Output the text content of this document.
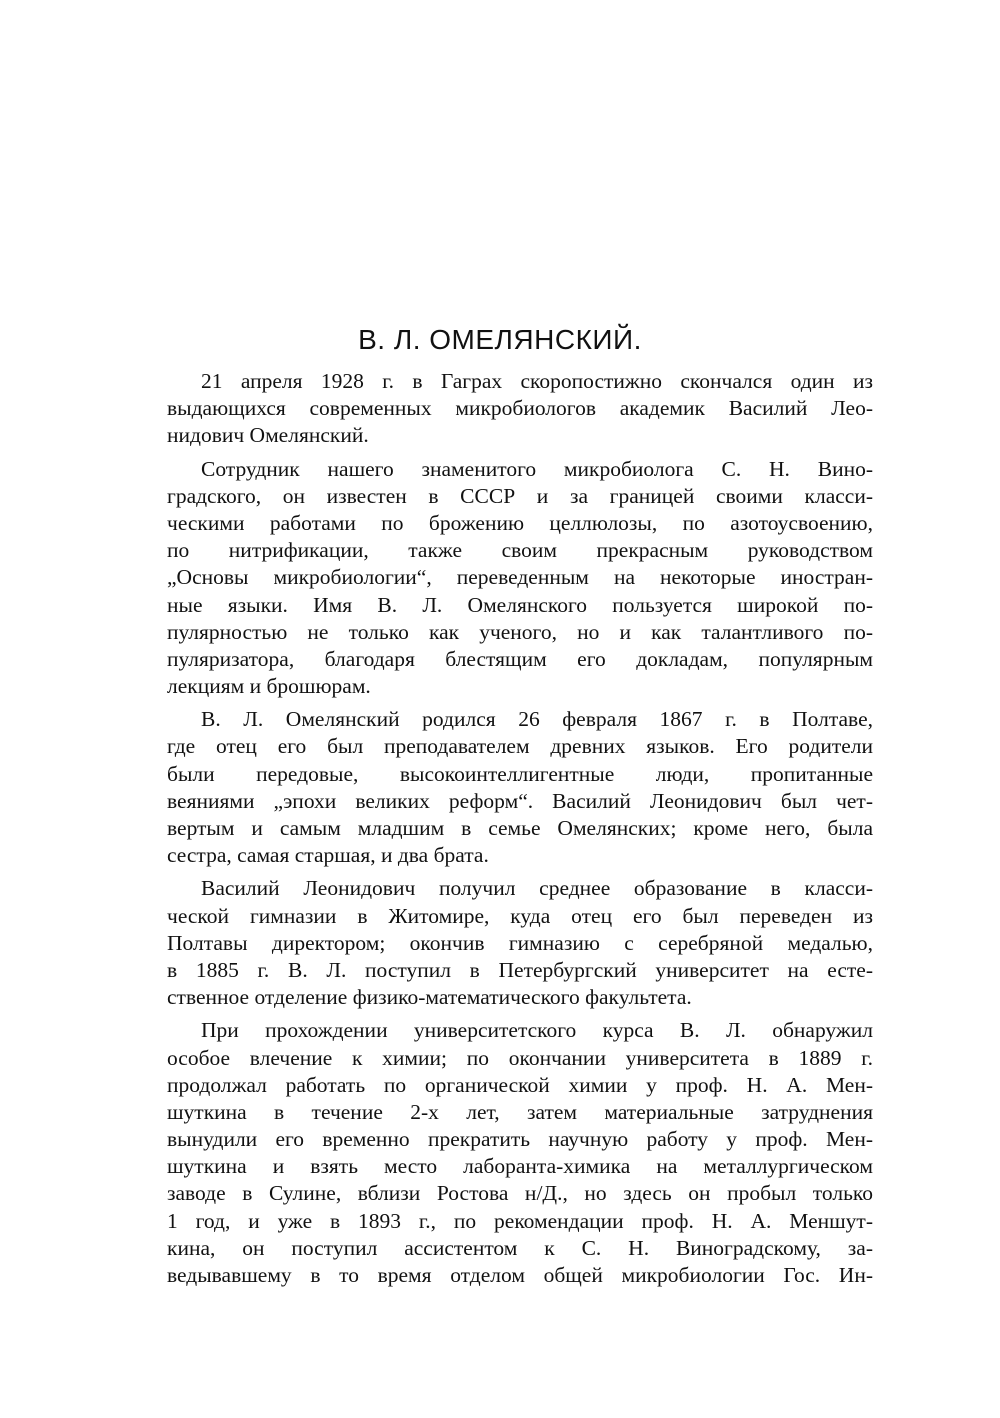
В. Л. ОМЕЛЯНСКИЙ.
21 апреля 1928 г. в Гаграх скоропостижно скончался один из
выдающихся современных микробиологов академик Василий Лео-
нидович Омелянский.
Сотрудник нашего знаменитого микробиолога С. Н. Вино-
градского, он известен в СССР и за границей своими класси-
ческими работами по брожению целлюлозы, по азотоусвоению,
по нитрификации, также своим прекрасным руководством
„Основы микробиологии“, переведенным на некоторые иностран-
ные языки. Имя В. Л. Омелянского пользуется широкой по-
пулярностью не только как ученого, но и как талантливого по-
пуляризатора, благодаря блестящим его докладам, популярным
лекциям и брошюрам.
В. Л. Омелянский родился 26 февраля 1867 г. в Полтаве,
где отец его был преподавателем древних языков. Его родители
были передовые, высокоинтеллигентные люди, пропитанные
веяниями „эпохи великих реформ“. Василий Леонидович был чет-
вертым и самым младшим в семье Омелянских; кроме него, была
сестра, самая старшая, и два брата.
Василий Леонидович получил среднее образование в класси-
ческой гимназии в Житомире, куда отец его был переведен из
Полтавы директором; окончив гимназию с серебряной медалью,
в 1885 г. В. Л. поступил в Петербургский университет на есте-
ственное отделение физико-математического факультета.
При прохождении университетского курса В. Л. обнаружил
особое влечение к химии; по окончании университета в 1889 г.
продолжал работать по органической химии у проф. Н. А. Мен-
шуткина в течение 2-х лет, затем материальные затруднения
вынудили его временно прекратить научную работу у проф. Мен-
шуткина и взять место лаборанта-химика на металлургическом
заводе в Сулине, вблизи Ростова н/Д., но здесь он пробыл только
1 год, и уже в 1893 г., по рекомендации проф. Н. А. Меншут-
кина, он поступил ассистентом к С. Н. Виноградскому, за-
ведывавшему в то время отделом общей микробиологии Гос. Ин-
